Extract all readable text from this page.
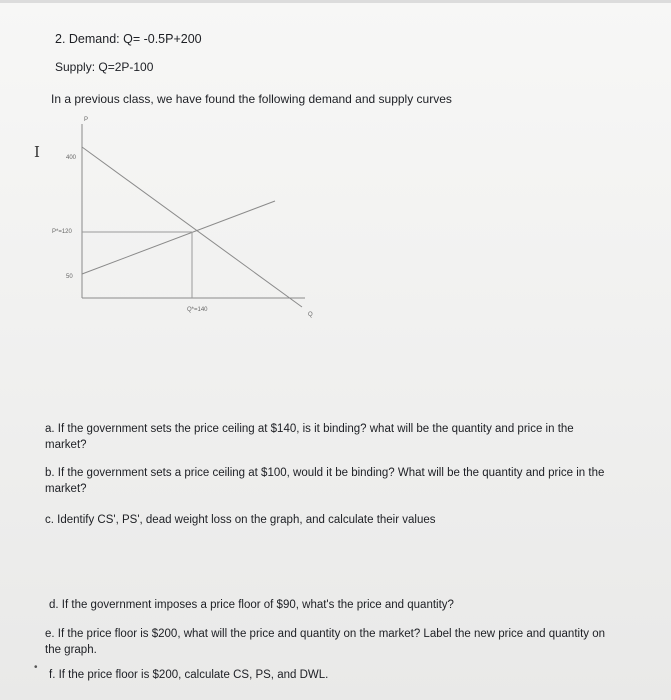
2. Demand: Q= -0.5P+200
Supply: Q=2P-100
In a previous class, we have found the following demand and supply curves
I
P
Q
400
P*=120
50
Q*=140
a. If the government sets the price ceiling at $140, is it binding? what will be the quantity and price in the market?
b. If the government sets a price ceiling at $100, would it be binding? What will be the quantity and price in the market?
c. Identify CS', PS', dead weight loss on the graph, and calculate their values
d. If the government imposes a price floor of $90, what's the price and quantity?
e. If the price floor is $200, what will the price and quantity on the market? Label the new price and quantity on the graph.
•
f. If the price floor is $200, calculate CS, PS, and DWL.
